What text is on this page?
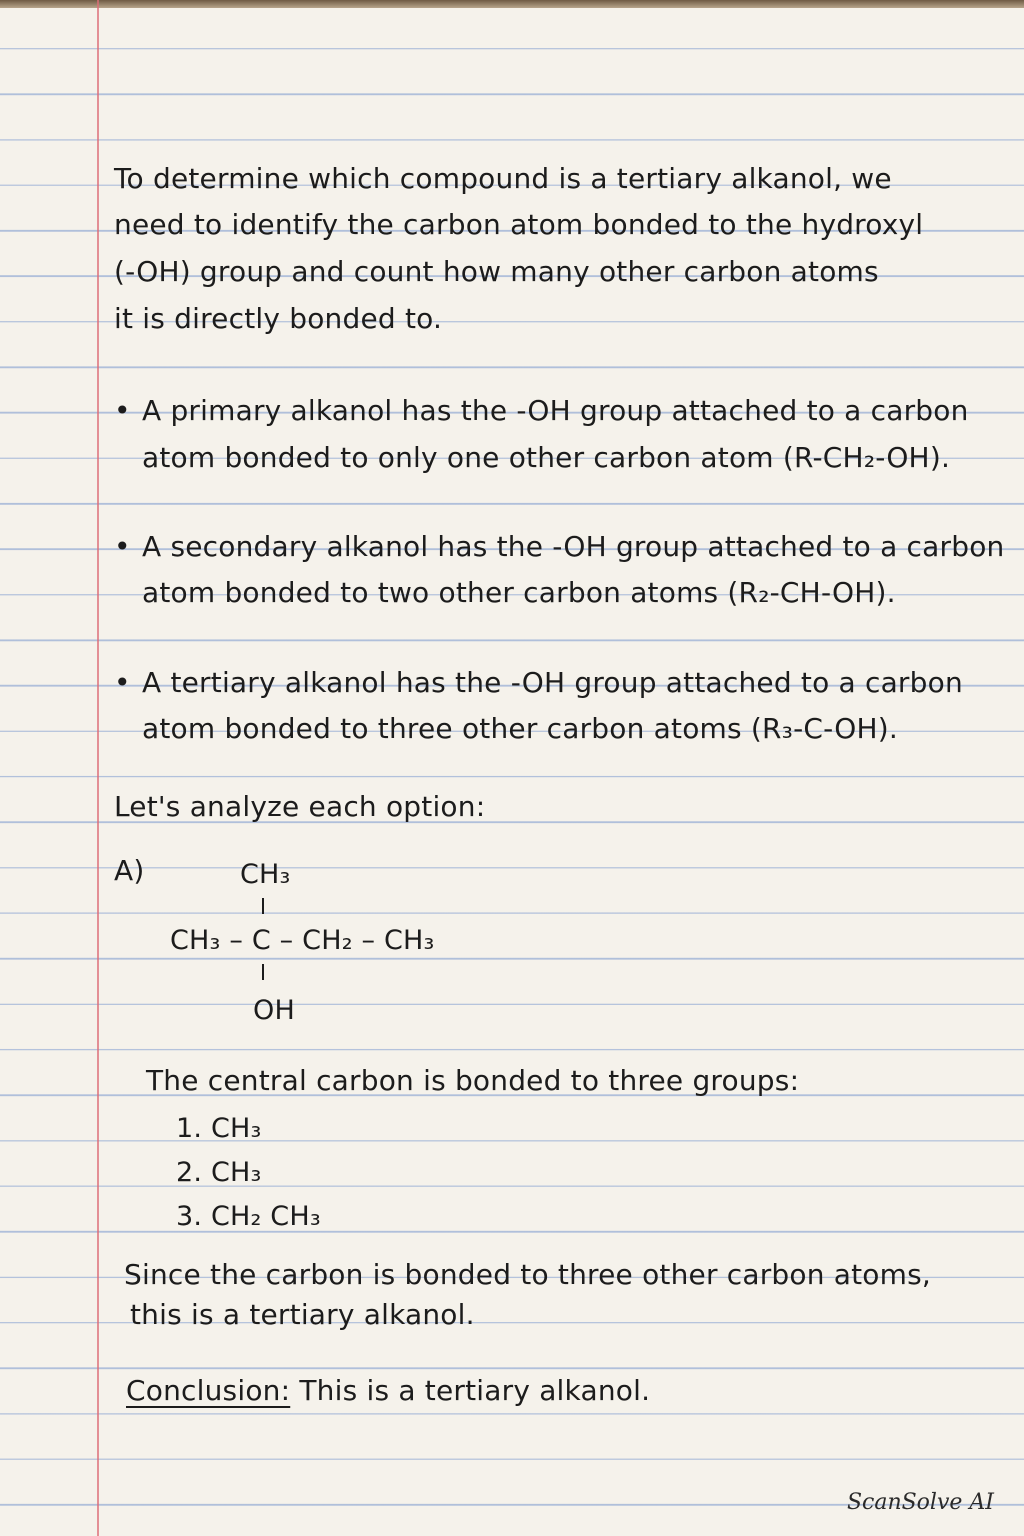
To determine which compound is a tertiary alkanol, we
need to identify the carbon atom bonded to the hydroxyl
(-OH) group and count how many other carbon atoms
it is directly bonded to.
• A primary alkanol has the -OH group attached to a carbon
atom bonded to only one other carbon atom (R-CH₂-OH).
• A secondary alkanol has the -OH group attached to a carbon
atom bonded to two other carbon atoms (R₂-CH-OH).
• A tertiary alkanol has the -OH group attached to a carbon
atom bonded to three other carbon atoms (R₃-C-OH).
Let's analyze each option:
A)	CH₃
CH₃ – C – CH₂ – CH₃
OH
The central carbon is bonded to three groups:
1. CH₃
2. CH₃
3. CH₂ CH₃
Since the carbon is bonded to three other carbon atoms,
this is a tertiary alkanol.
Conclusion: This is a tertiary alkanol.
ScanSolve AI
